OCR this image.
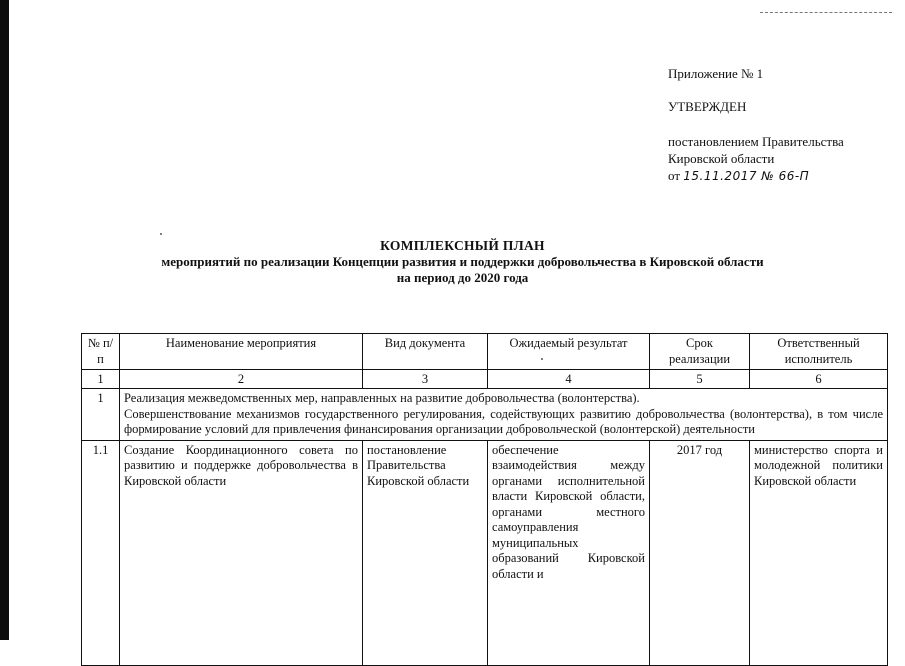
Приложение № 1
УТВЕРЖДЕН
постановлением Правительства
Кировской области
от 15.11.2017 № 66-П
КОМПЛЕКСНЫЙ ПЛАН
мероприятий по реализации Концепции развития и поддержки добровольчества в Кировской области
на период до 2020 года
№ п/п	Наименование мероприятия	Вид документа	Ожидаемый результат	Срок реализации	Ответственный исполнитель
1	2	3	4	5	6
1	Реализация межведомственных мер, направленных на развитие добровольчества (волонтерства).
Совершенствование механизмов государственного регулирования, содействующих развитию добровольчества (волонтерства), в том числе формирование условий для привлечения финансирования организации добровольческой (волонтерской) деятельности				

1.1	Создание Координационного совета по развитию и поддержке добровольчества в Кировской области	постановление Правительства Кировской области	обеспечение взаимодействия между органами исполнительной власти Кировской области, органами местного самоуправления муниципальных образований Кировской области и	2017 год	министерство спорта и молодежной политики Кировской области
